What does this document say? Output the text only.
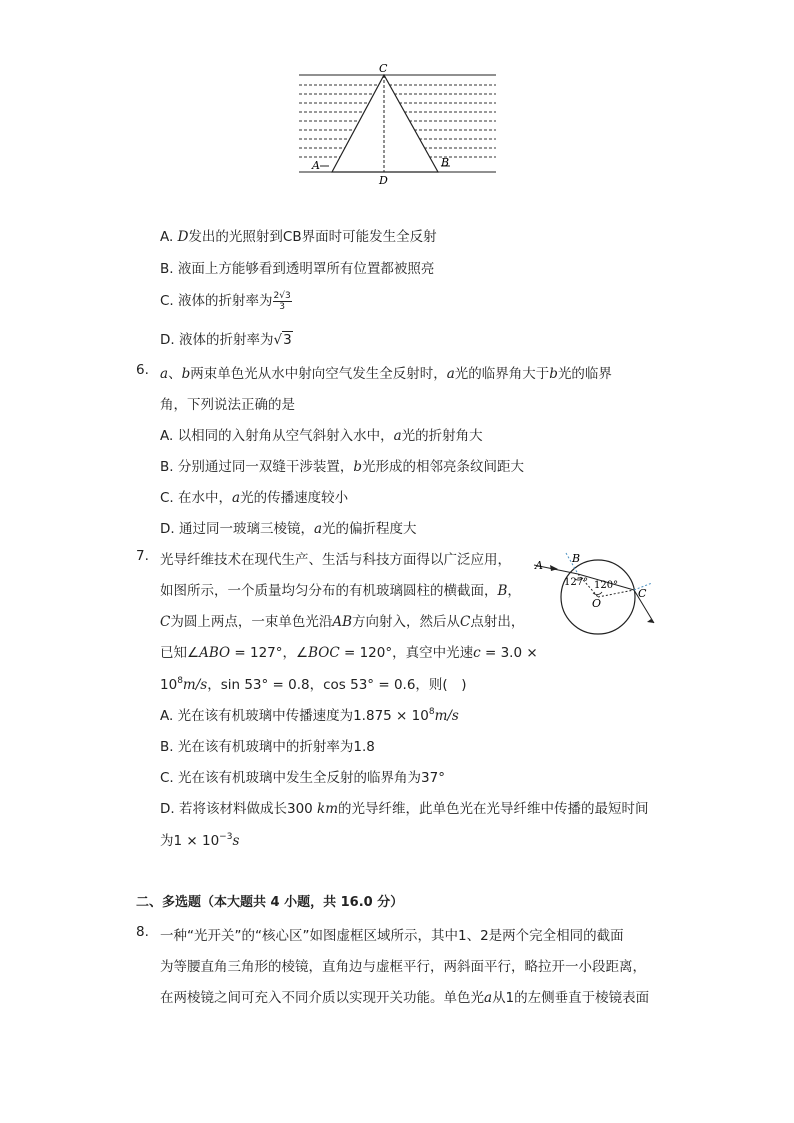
C
A	B
D
A. D发出的光照射到CB界面时可能发生全反射
B. 液面上方能够看到透明罩所有位置都被照亮
C. 液体的折射率为 $\frac{2√3}{3}$
D. 液体的折射率为√3
6. a、b两束单色光从水中射向空气发生全反射时，a光的临界角大于b光的临界
角，下列说法正确的是
A. 以相同的入射角从空气斜射入水中，a光的折射角大
B. 分别通过同一双缝干涉装置，b光形成的相邻亮条纹间距大
C. 在水中，a光的传播速度较小
D. 通过同一玻璃三棱镜，a光的偏折程度大
7. 光导纤维技术在现代生产、生活与科技方面得以广泛应用，
如图所示，一个质量均匀分布的有机玻璃圆柱的横截面，B，
C为圆上两点，一束单色光沿AB方向射入，然后从C点射出，
已知∠ABO = 127°，∠BOC = 120°，真空中光速c = 3.0 ×
$10^8m/s$，sin 53° = 0.8，cos 53° = 0.6，则(　)
A
B
O
C
127° 120°
A. 光在该有机玻璃中传播速度为$1.875 \times 10^8m/s$
B. 光在该有机玻璃中的折射率为1.8
C. 光在该有机玻璃中发生全反射的临界角为37°
D. 若将该材料做成长300 km的光导纤维，此单色光在光导纤维中传播的最短时间
为$1 \times 10^{-3}s$
二、多选题（本大题共 4 小题，共 16.0 分）
8. 一种“光开关”的“核心区”如图虚框区域所示，其中1、2是两个完全相同的截面
为等腰直角三角形的棱镜，直角边与虚框平行，两斜面平行，略拉开一小段距离，
在两棱镜之间可充入不同介质以实现开关功能。单色光a从1的左侧垂直于棱镜表面
